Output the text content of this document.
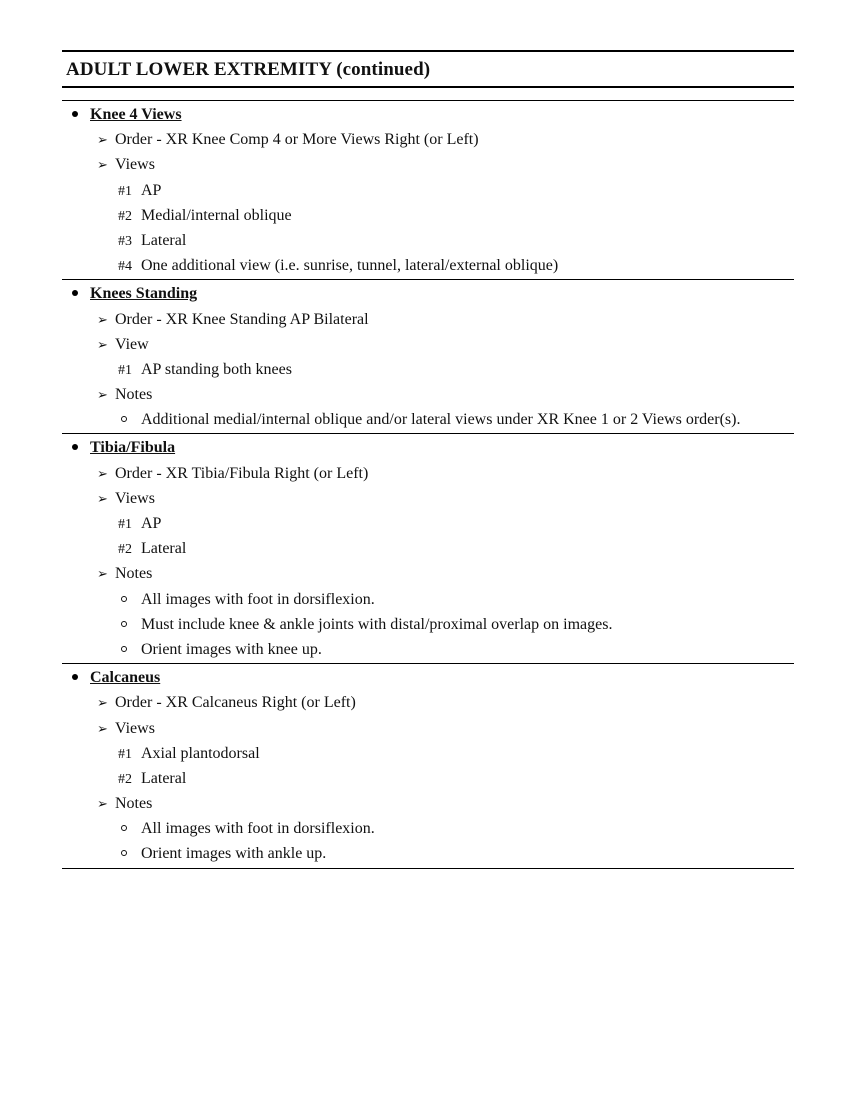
ADULT LOWER EXTREMITY (continued)
Knee 4 Views
➢ Order - XR Knee Comp 4 or More Views Right (or Left)
➢ Views
#1 AP
#2 Medial/internal oblique
#3 Lateral
#4 One additional view (i.e. sunrise, tunnel, lateral/external oblique)
Knees Standing
➢ Order - XR Knee Standing AP Bilateral
➢ View
#1 AP standing both knees
➢ Notes
Additional medial/internal oblique and/or lateral views under XR Knee 1 or 2 Views order(s).
Tibia/Fibula
➢ Order - XR Tibia/Fibula Right (or Left)
➢ Views
#1 AP
#2 Lateral
➢ Notes
All images with foot in dorsiflexion.
Must include knee & ankle joints with distal/proximal overlap on images.
Orient images with knee up.
Calcaneus
➢ Order - XR Calcaneus Right (or Left)
➢ Views
#1 Axial plantodorsal
#2 Lateral
➢ Notes
All images with foot in dorsiflexion.
Orient images with ankle up.
